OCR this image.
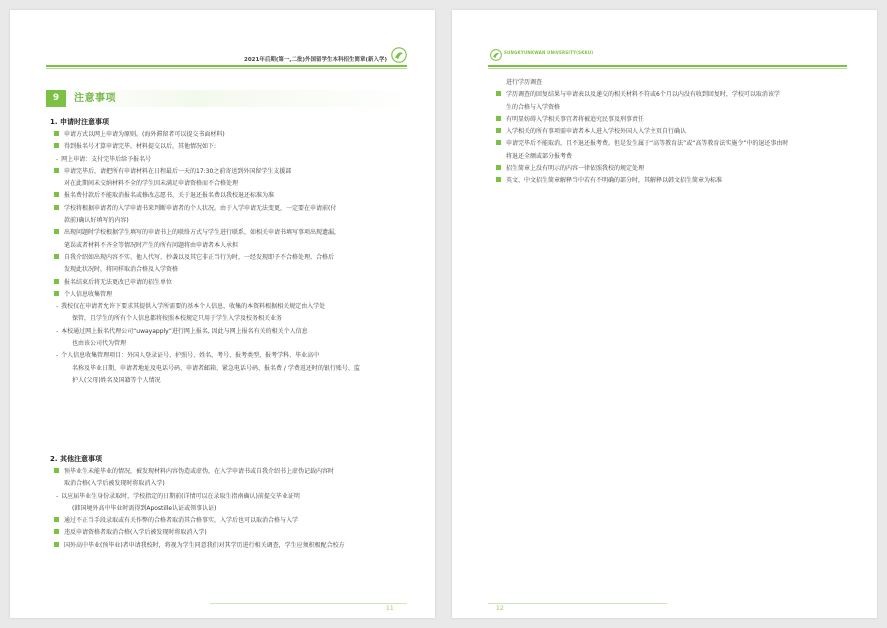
2021年后期(第一,二批)外国留学生本科招生简章(新入学)
9	注意事项
1. 申请时注意事项
申请方式以网上申请为原则。(海外滞留者可以提交书面材料)
得到报名号才算申请完毕，材料提交以后，其他情况如下:
- 网上申请：支付完毕后给予报名号
申请完毕后，请把所有申请材料在日程最后一天的17:30之前寄送到外国留学生支援部
对在此期间未交纳材料不全的学生因未满足申请资格而不合格处理
报名费付款后不能取消报名或修改志愿书，关于退还报名费以我校退还标准为准
学校将根据申请者的入学申请书来判断申请者的个人状况。由于入学申请无法变更，一定要在申请前(付
款前)确认好填写的内容)
出现问题时学校根据学生填写的申请书上的联络方式与学生进行联系，如相关申请书填写事项出现遗漏,
笔误或者材料不齐全等情况时产生的所有问题将由申请者本人承担
自我介绍如出现内容不实、他人代写、抄袭以及其它非正当行为时，一经发现即予不合格处理。合格后
发现此状况时，将同样取消合格及入学资格
报名结束后将无法更改已申请的招生单位
个人信息收集管理
- 我校仅在申请者允许下要求其提供入学所需要的基本个人信息，收集的本资料根据相关规定由入学处
保管，且学生的所有个人信息都将按照本校规定只用于学生入学及校务相关业务
- 本校通过网上报名代理公司“uwayapply”进行网上报名, 因此与网上报名有关的相关个人信息
也由该公司代为管理
- 个人信息收集管理项目：外国人登录证号、护照号、姓名、考号、报考类型、报考学科、毕业高中
名称及毕业日期、申请者地址及电话号码、申请者邮箱、紧急电话号码、报名费 / 学费返还时的银行账号、监
护人(父母)姓名及国籍等个人情况
2. 其他注意事项
预毕业生未能毕业的情况，被发现材料内容伪造或虚伪，在入学申请书或自我介绍书上虚伪记载内容时
取消合格(入学后被发现时将取消入学)
- 以应届毕业生身份录取时，学校指定的日期前(详情可以在录取生指南确认)前提交毕业证明
(韩国境外高中毕业时需得到Apostille认证或领事认证)
通过不正当手段录取或有关作弊的合格者取消其合格事实，入学后也可以取消合格与入学
违反申请资格者取消合格(入学后被发现时将取消入学)
国外高中毕业(预毕业)者申请我校时，将视为学生同意我们对其学历进行相关调查，学生应须积极配合校方
11
SUNGKYUNKWAN UNIVERSITY(SKKU)
进行学历调查
学历调查的回复结果与申请表以及递交的相关材料不符或6个月以内没有收到回复时，学校可以取消该学
生的合格与入学资格
有明显妨碍入学相关事宜者将被追究民事及刑事责任
入学相关的所有事项需申请者本人进入学校外国人入学主页自行确认
申请完毕后不能取消，且不退还报考费。但是发生属于“高等教育法”或“高等教育法实施令”中的退还事由时
将退还全额或部分报考费
招生简章上没有明示的内容一律依照我校的规定处理
英文、中文招生简章解释当中若有不明确的部分时，其解释以韩文招生简章为标准
12
